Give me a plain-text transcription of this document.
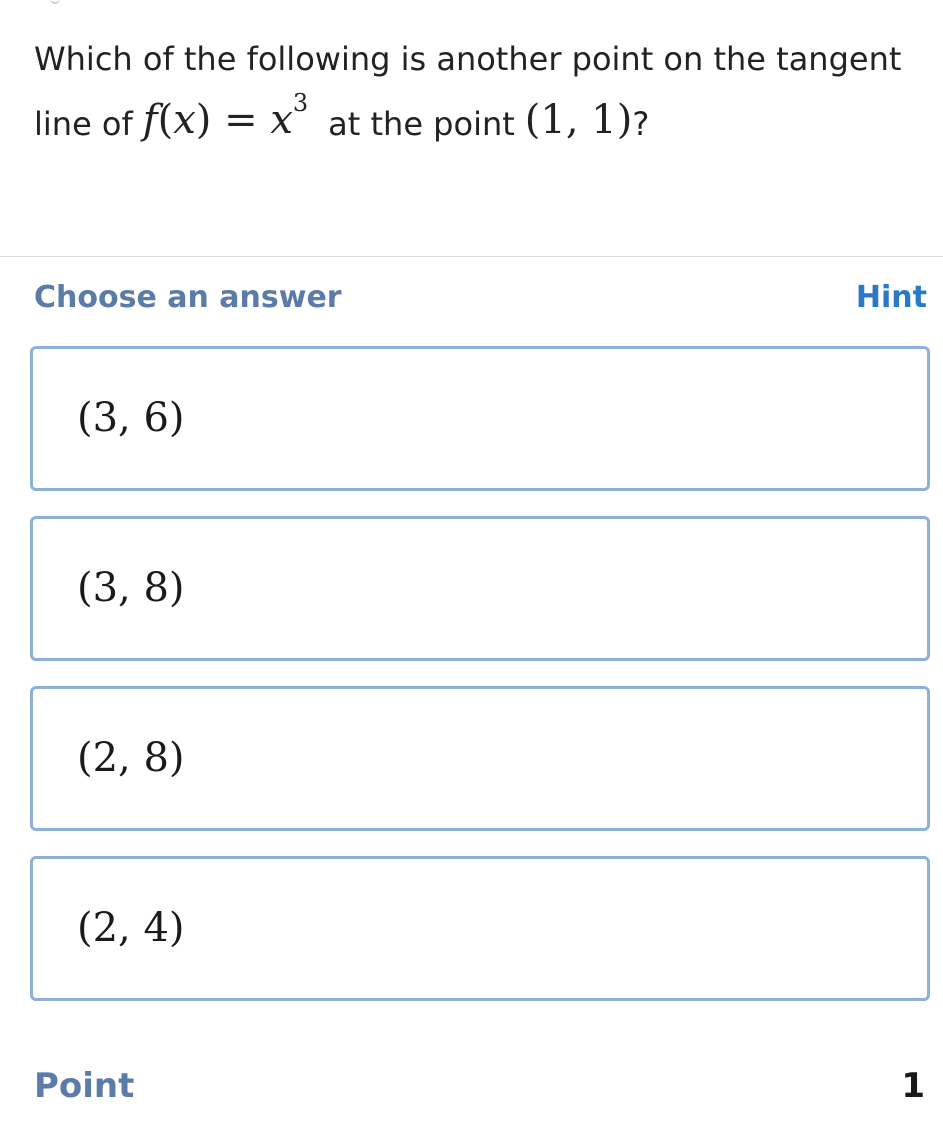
Which of the following is another point on the tangent
line of $f(x) = x^3at$ the point (1, 1)?
Choose an answer	Hint
(3, 6)
(3, 8)
(2, 8)
(2, 4)
Point	1
